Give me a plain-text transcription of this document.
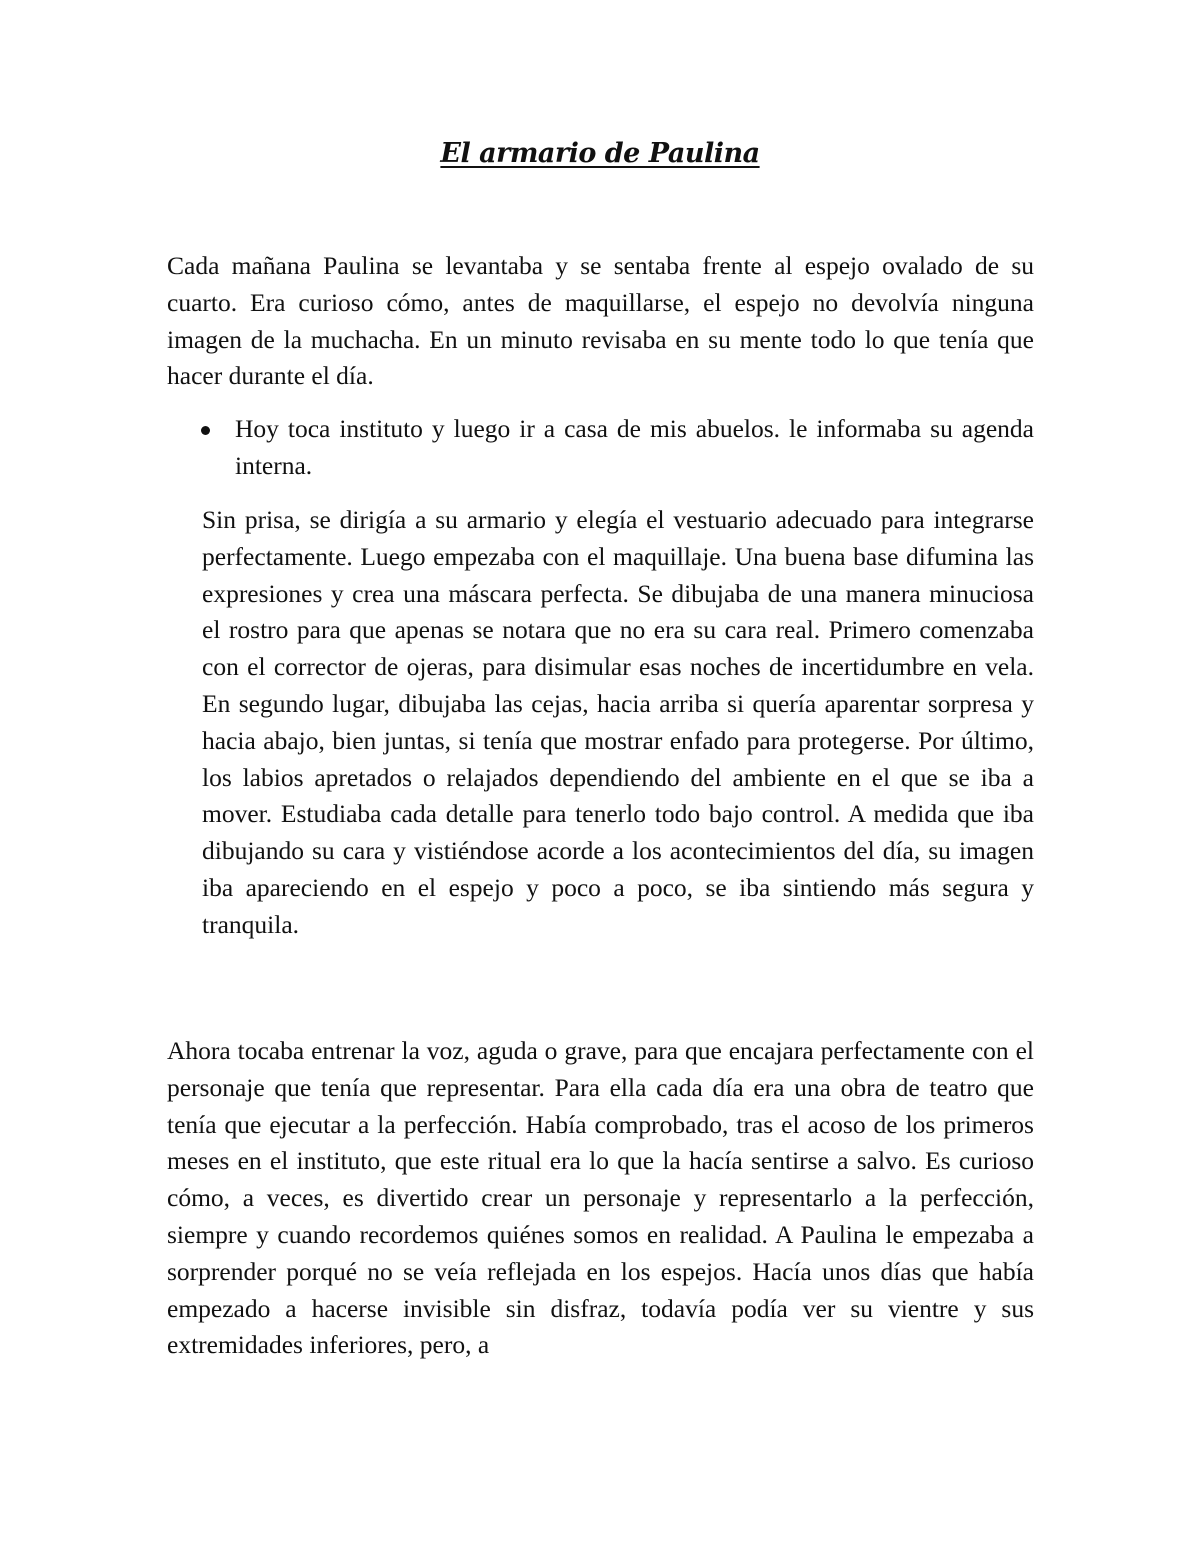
El armario de Paulina

Cada mañana Paulina se levantaba y se sentaba frente al espejo ovalado de su cuarto. Era curioso cómo, antes de maquillarse, el espejo no devolvía ninguna imagen de la muchacha. En un minuto revisaba en su mente todo lo que tenía que hacer durante el día.

Hoy toca instituto y luego ir a casa de mis abuelos. le informaba su agenda interna.

Sin prisa, se dirigía a su armario y elegía el vestuario adecuado para integrarse perfectamente. Luego empezaba con el maquillaje. Una buena base difumina las expresiones y crea una máscara perfecta. Se dibujaba de una manera minuciosa el rostro para que apenas se notara que no era su cara real. Primero comenzaba con el corrector de ojeras, para disimular esas noches de incertidumbre en vela. En segundo lugar, dibujaba las cejas, hacia arriba si quería aparentar sorpresa y hacia abajo, bien juntas, si tenía que mostrar enfado para protegerse. Por último, los labios apretados o relajados dependiendo del ambiente en el que se iba a mover. Estudiaba cada detalle para tenerlo todo bajo control. A medida que iba dibujando su cara y vistiéndose acorde a los acontecimientos del día, su imagen iba apareciendo en el espejo y poco a poco, se iba sintiendo más segura y tranquila.

Ahora tocaba entrenar la voz, aguda o grave, para que encajara perfectamente con el personaje que tenía que representar. Para ella cada día era una obra de teatro que tenía que ejecutar a la perfección. Había comprobado, tras el acoso de los primeros meses en el instituto, que este ritual era lo que la hacía sentirse a salvo. Es curioso cómo, a veces, es divertido crear un personaje y representarlo a la perfección, siempre y cuando recordemos quiénes somos en realidad. A Paulina le empezaba a sorprender porqué no se veía reflejada en los espejos. Hacía unos días que había empezado a hacerse invisible sin disfraz, todavía podía ver su vientre y sus extremidades inferiores, pero, a
